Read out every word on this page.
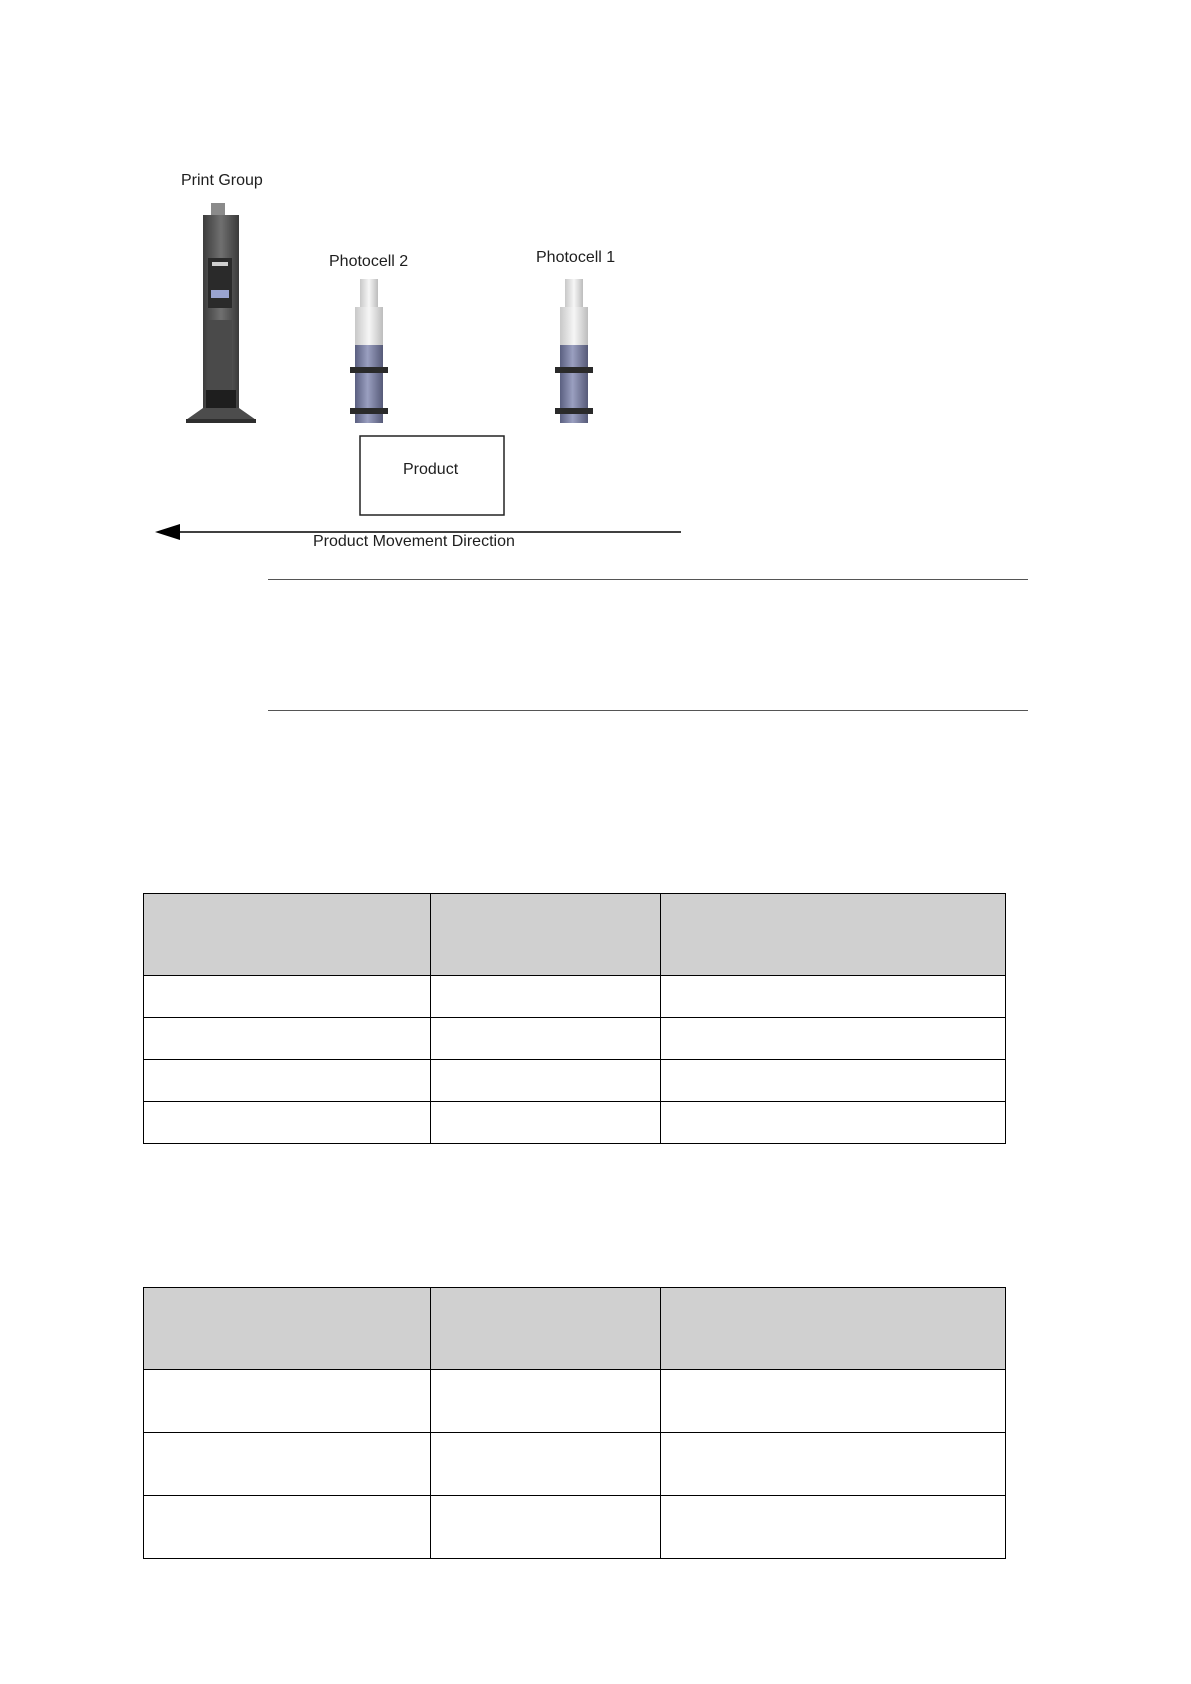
Print Group
Photocell 2	Photocell 1
Product
Product Movement Direction
